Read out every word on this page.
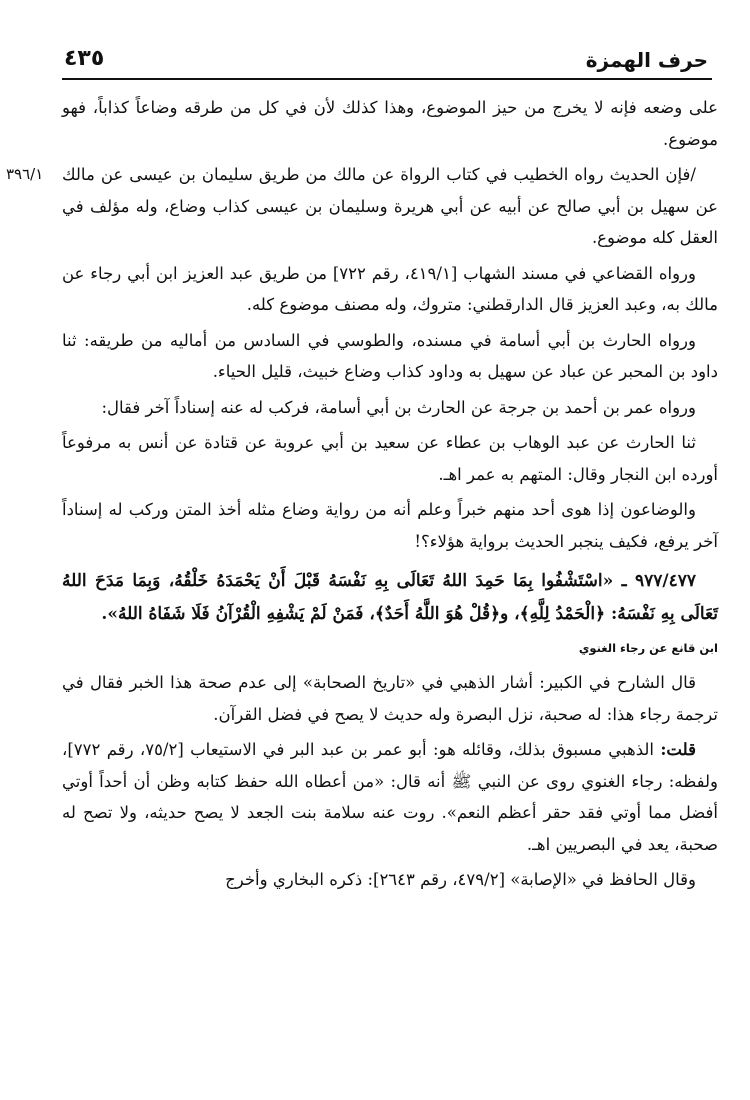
حرف الهمزة
٤٣٥

على وضعه فإنه لا يخرج من حيز الموضوع، وهذا كذلك لأن في كل من طرقه وضاعاً كذاباً، فهو موضوع.

٣٩٦/١ /فإن الحديث رواه الخطيب في كتاب الرواة عن مالك من طريق سليمان بن عيسى عن مالك عن سهيل بن أبي صالح عن أبيه عن أبي هريرة وسليمان بن عيسى كذاب وضاع، وله مؤلف في العقل كله موضوع.

ورواه القضاعي في مسند الشهاب [٤١٩/١، رقم ٧٢٢] من طريق عبد العزيز ابن أبي رجاء عن مالك به، وعبد العزيز قال الدارقطني: متروك، وله مصنف موضوع كله.

ورواه الحارث بن أبي أسامة في مسنده، والطوسي في السادس من أماليه من طريقه: ثنا داود بن المحبر عن عباد عن سهيل به وداود كذاب وضاع خبيث، قليل الحياء.

ورواه عمر بن أحمد بن جرجة عن الحارث بن أبي أسامة، فركب له عنه إسناداً آخر فقال:

ثنا الحارث عن عبد الوهاب بن عطاء عن سعيد بن أبي عروبة عن قتادة عن أنس به مرفوعاً أورده ابن النجار وقال: المتهم به عمر اهـ.

والوضاعون إذا هوى أحد منهم خبراً وعلم أنه من رواية وضاع مثله أخذ المتن وركب له إسناداً آخر يرفع، فكيف ينجبر الحديث برواية هؤلاء؟!

٩٧٧/٤٧٧ ـ «اسْتَشْفُوا بِمَا حَمِدَ اللهُ تَعَالَى بِهِ نَفْسَهُ قَبْلَ أَنْ يَحْمَدَهُ خَلْقُهُ، وَبِمَا مَدَحَ اللهُ تَعَالَى بِهِ نَفْسَهُ: ﴿الْحَمْدُ لِلَّهِ﴾، و﴿قُلْ هُوَ اللَّهُ أَحَدٌ﴾، فَمَنْ لَمْ يَشْفِهِ الْقُرْآنُ فَلَا شَفَاهُ اللهُ».

ابن قانع عن رجاء الغنوي

قال الشارح في الكبير: أشار الذهبي في «تاريخ الصحابة» إلى عدم صحة هذا الخبر فقال في ترجمة رجاء هذا: له صحبة، نزل البصرة وله حديث لا يصح في فضل القرآن.

قلت: الذهبي مسبوق بذلك، وقائله هو: أبو عمر بن عبد البر في الاستيعاب [٧٥/٢، رقم ٧٧٢]، ولفظه: رجاء الغنوي روى عن النبي ﷺ أنه قال: «من أعطاه الله حفظ كتابه وظن أن أحداً أوتي أفضل مما أوتي فقد حقر أعظم النعم». روت عنه سلامة بنت الجعد لا يصح حديثه، ولا تصح له صحبة، يعد في البصريين اهـ.

وقال الحافظ في «الإصابة» [٤٧٩/٢، رقم ٢٦٤٣]: ذكره البخاري وأخرج
